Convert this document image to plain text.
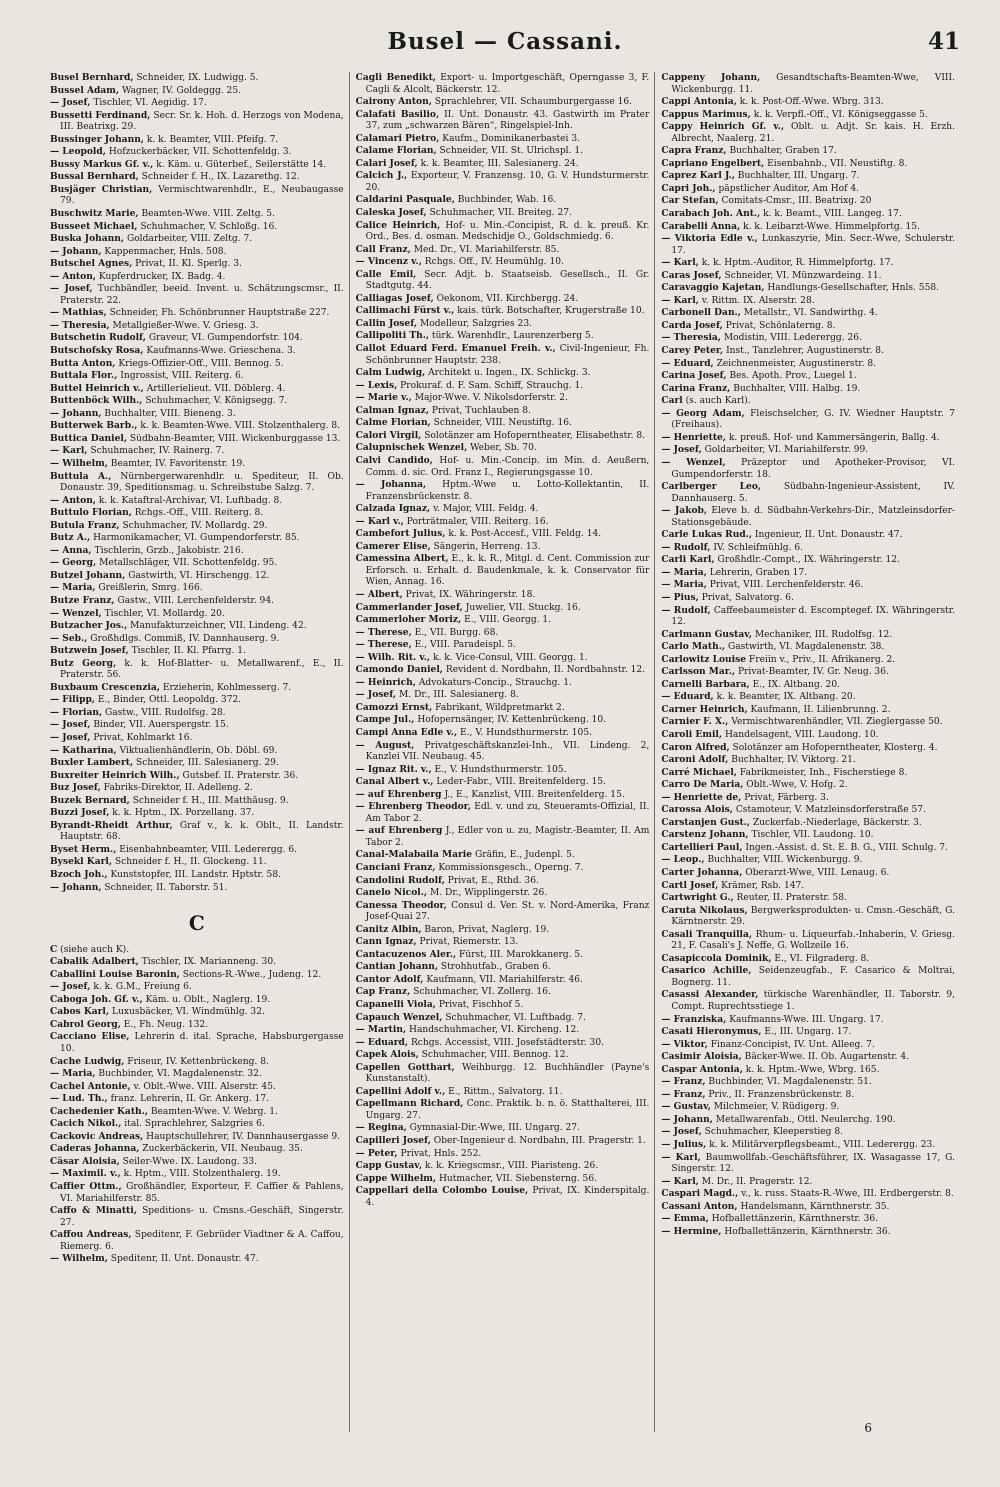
Busel — Cassani.	41

Busel Bernhard, Schneider, IX. Ludwigg. 5.

Bussel Adam, Wagner, IV. Goldeggg. 25.

— Josef, Tischler, VI. Aegidig. 17.

Bussetti Ferdinand, Secr. Sr. k. Hoh. d. Herzogs von Modena, III. Beatrixg. 29.

Bussinger Johann, k. k. Beamter, VIII. Pfeifg. 7.

— Leopold, Hofzuckerbäcker, VII. Schottenfeldg. 3.

Bussy Markus Gf. v., k. Käm. u. Güterbef., Seilerstätte 14.

Bussal Bernhard, Schneider f. H., IX. Lazarethg. 12.

Busjäger Christian, Vermischtwarenhdlr., E., Neubaugasse 79.

Buschwitz Marie, Beamten-Wwe. VIII. Zeltg. 5.

Busseet Michael, Schuhmacher, V. Schloßg. 16.

Buska Johann, Goldarbeiter, VIII. Zeltg. 7.

— Johann, Kappenmacher, Hnls. 508.

Butschel Agnes, Privat, II. Kl. Sperlg. 3.

— Anton, Kupferdrucker, IX. Badg. 4.

— Josef, Tuchbändler, beeid. Invent. u. Schätzungscmsr., II. Praterstr. 22.

— Mathias, Schneider, Fh. Schönbrunner Hauptstraße 227.

— Theresia, Metallgießer-Wwe. V. Griesg. 3.

Butschetin Rudolf, Graveur, VI. Gumpendorfstr. 104.

Butschofsky Rosa, Kaufmanns-Wwe. Grieschena. 3.

Butta Anton, Kriegs-Offizier-Off., VIII. Bennog. 5.

Buttala Flor., Ingrossist, VIII. Reiterg. 6.

Buttel Heinrich v., Artillerielieut. VII. Döblerg. 4.

Buttenböck Wilh., Schuhmacher, V. Königsegg. 7.

— Johann, Buchhalter, VIII. Bieneng. 3.

Butterwek Barb., k. k. Beamten-Wwe. VIII. Stolzenthalerg. 8.

Buttica Daniel, Südbahn-Beamter, VIII. Wickenburggasse 13.

— Karl, Schuhmacher, IV. Rainerg. 7.

— Wilhelm, Beamter, IV. Favoritenstr. 19.

Buttula A., Nürnbergerwarenhdlr. u. Spediteur, II. Ob. Donaustr. 39, Speditionsmag. u. Schreibstube Salzg. 7.

— Anton, k. k. Kataftral-Archivar, VI. Luftbadg. 8.

Buttulo Florian, Rchgs.-Off., VIII. Reiterg. 8.

Butula Franz, Schuhmacher, IV. Mollardg. 29.

Butz A., Harmonikamacher, VI. Gumpendorferstr. 85.

— Anna, Tischlerin, Grzb., Jakobistr. 216.

— Georg, Metallschläger, VII. Schottenfeldg. 95.

Butzel Johann, Gastwirth, VI. Hirschengg. 12.

— Maria, Greißlerin, Smrg. 166.

Butze Franz, Gastw., VIII. Lerchenfelderstr. 94.

— Wenzel, Tischler, VI. Mollardg. 20.

Butzacher Jos., Manufakturzeichner, VII. Lindeng. 42.

— Seb., Großhdlgs. Commiß, IV. Dannhauserg. 9.

Butzwein Josef, Tischler, II. Kl. Pfarrg. 1.

Butz Georg, k. k. Hof-Blatter- u. Metallwarenf., E., II. Praterstr. 56.

Buxbaum Crescenzia, Erzieherin, Kohlmesserg. 7.

— Filipp, E., Binder, Ottl. Leopoldg. 372.

— Florian, Gastw., VIII. Rudolfsg. 28.

— Josef, Binder, VII. Auerspergstr. 15.

— Josef, Privat, Kohlmarkt 16.

— Katharina, Viktualienhändlerin, Ob. Döbl. 69.

Buxler Lambert, Schneider, III. Salesianerg. 29.

Buxreiter Heinrich Wilh., Gutsbef. II. Praterstr. 36.

Buz Josef, Fabriks-Direktor, II. Adelleng. 2.

Buzek Bernard, Schneider f. H., III. Matthäusg. 9.

Buzzi Josef, k. k. Hptm., IX. Porzellang. 37.

Byrandt-Rheidt Arthur, Graf v., k. k. Oblt., II. Landstr. Hauptstr. 68.

Byset Herm., Eisenbahnbeamter, VIII. Lederergg. 6.

Bysekl Karl, Schneider f. H., II. Glockeng. 11.

Bzoch Joh., Kunststopfer, III. Landstr. Hptstr. 58.

— Johann, Schneider, II. Taborstr. 51.

C

C (siehe auch K).

Cabalik Adalbert, Tischler, IX. Marianneng. 30.

Caballini Louise Baronin, Sections-R.-Wwe., Judeng. 12.

— Josef, k. k. G.M., Freiung 6.

Caboga Joh. Gf. v., Käm. u. Oblt., Naglerg. 19.

Cabos Karl, Luxusbäcker, VI. Windmühlg. 32.

Cabrol Georg, E., Fh. Neug. 132.

Cacciano Elise, Lehrerin d. ital. Sprache, Habsburgergasse 10.

Cache Ludwig, Friseur, IV. Kettenbrückeng. 8.

— Maria, Buchbinder, VI. Magdalenenstr. 32.

Cachel Antonie, v. Oblt.-Wwe. VIII. Alserstr. 45.

— Lud. Th., franz. Lehrerin, II. Gr. Ankerg. 17.

Cachedenier Kath., Beamten-Wwe. V. Webrg. 1.

Cacich Nikol., ital. Sprachlehrer, Salzgries 6.

Cackovic Andreas, Hauptschullehrer, IV. Dannhausergasse 9.

Caderas Johanna, Zuckerbäckerin, VII. Neubaug. 35.

Cäsar Aloisia, Seiler-Wwe. IX. Laudong. 33.

— Maximil. v., k. Hptm., VIII. Stolzenthalerg. 19.

Caffier Ottm., Großhändler, Exporteur, F. Caffier & Pahlens, VI. Mariahilferstr. 85.

Caffo & Minatti, Speditions- u. Cmsns.-Geschäft, Singerstr. 27.

Caffou Andreas, Speditenr, F. Gebrüder Viadtner & A. Caffou, Riemerg. 6.

— Wilhelm, Speditenr, II. Unt. Donaustr. 47.

Cagli Benedikt, Export- u. Importgeschäft, Operngasse 3, F. Cagli & Alcolt, Bäckerstr. 12.

Cairony Anton, Sprachlehrer, VII. Schaumburgergasse 16.

Calafati Basilio, II. Unt. Donaustr. 43. Gastwirth im Prater 37, zum „schwarzen Bären“, Ringelspiel-Inh.

Calamari Pietro, Kaufm., Dominikanerbastei 3.

Calame Florian, Schneider, VII. St. Ulrichspl. 1.

Calari Josef, k. k. Beamter, III. Salesianerg. 24.

Calcich J., Exporteur, V. Franzensg. 10, G. V. Hundsturmerstr. 20.

Caldarini Pasquale, Buchbinder, Wab. 16.

Caleska Josef, Schuhmacher, VII. Breiteg. 27.

Calice Heinrich, Hof- u. Min.-Concipist, R. d. k. preuß. Kr. Ord., Bes. d. osman. Medschidje O., Goldschmiedg. 6.

Call Franz, Med. Dr., VI. Mariahilferstr. 85.

— Vincenz v., Rchgs. Off., IV. Heumühlg. 10.

Calle Emil, Secr. Adjt. b. Staatseisb. Gesellsch., II. Gr. Stadtgutg. 44.

Calliagas Josef, Oekonom, VII. Kirchbergg. 24.

Callimachi Fürst v., kais. türk. Botschafter, Krugerstraße 10.

Callin Josef, Modelleur, Salzgries 23.

Callipoliti Th., türk. Warenhdlr., Laurenzerberg 5.

Callot Eduard Ferd. Emanuel Freih. v., Civil-Ingenieur, Fh. Schönbrunner Hauptstr. 238.

Calm Ludwig, Architekt u. Ingen., IX. Schlickg. 3.

— Lexis, Prokuraf. d. F. Sam. Schiff, Strauchg. 1.

— Marie v., Major-Wwe. V. Nikolsdorferstr. 2.

Calman Ignaz, Privat, Tuchlauben 8.

Calme Florian, Schneider, VIII. Neustiftg. 16.

Calori Virgil, Solotänzer am Hofoperntheater, Elisabethstr. 8.

Calupnischek Wenzel, Weber, Sb. 70.

Calvi Candido, Hof- u. Min.-Concip. im Min. d. Aeußern, Comm. d. sic. Ord. Franz I., Regierungsgasse 10.

— Johanna, Hptm.-Wwe u. Lotto-Kollektantin, II. Franzensbrückenstr. 8.

Calzada Ignaz, v. Major, VIII. Feldg. 4.

— Karl v., Porträtmaler, VIII. Reiterg. 16.

Cambefort Julius, k. k. Post-Accesf., VIII. Feldg. 14.

Camerer Elise, Sängerin, Herreng. 13.

Camessina Albert, E., k. k. R., Mitgl. d. Cent. Commission zur Erforsch. u. Erhalt. d. Baudenkmale, k. k. Conservator für Wien, Annag. 16.

— Albert, Privat, IX. Währingerstr. 18.

Cammerlander Josef, Juwelier, VII. Stuckg. 16.

Cammerloher Moriz, E., VIII. Georgg. 1.

— Therese, E., VII. Burgg. 68.

— Therese, E., VIII. Paradeispl. 5.

— Wilh. Rit. v., k. k. Vice-Consul, VIII. Georgg. 1.

Camondo Daniel, Revident d. Nordbahn, II. Nordbahnstr. 12.

— Heinrich, Advokaturs-Concip., Strauchg. 1.

— Josef, M. Dr., III. Salesianerg. 8.

Camozzi Ernst, Fabrikant, Wildpretmarkt 2.

Campe Jul., Hofopernsänger, IV. Kettenbrückeng. 10.

Campi Anna Edle v., E., V. Hundsthurmerstr. 105.

— August, Privatgeschäftskanzlei-Inh., VII. Lindeng. 2, Kanzlei VII. Neubaug. 45.

— Ignaz Rit. v., E., V. Hundsthurmerstr. 105.

Canal Albert v., Leder-Fabr., VIII. Breitenfelderg. 15.

— auf Ehrenberg J., E., Kanzlist, VIII. Breitenfelderg. 15.

— Ehrenberg Theodor, Edl. v. und zu, Steueramts-Offizial, II. Am Tabor 2.

— auf Ehrenberg J., Edler von u. zu, Magistr.-Beamter, II. Am Tabor 2.

Canal-Malabaila Marie Gräfin, E., Judenpl. 5.

Canciani Franz, Kommissionsgesch., Operng. 7.

Candolini Rudolf, Privat, E., Rthd. 36.

Canelo Nicol., M. Dr., Wipplingerstr. 26.

Canessa Theodor, Consul d. Ver. St. v. Nord-Amerika, Franz Josef-Quai 27.

Canitz Albin, Baron, Privat, Naglerg. 19.

Cann Ignaz, Privat, Riemerstr. 13.

Cantacuzenos Aler., Fürst, III. Marokkanerg. 5.

Cantian Johann, Strohhutfab., Graben 6.

Cantor Adolf, Kaufmann, VII. Mariahilferstr. 46.

Cap Franz, Schuhmacher, VI. Zollerg. 16.

Capanelli Viola, Privat, Fischhof 5.

Capauch Wenzel, Schuhmacher, VI. Luftbadg. 7.

— Martin, Handschuhmacher, VI. Kircheng. 12.

— Eduard, Rchgs. Accessist, VIII. Josefstädterstr. 30.

Capek Alois, Schuhmacher, VIII. Bennog. 12.

Capellen Gotthart, Weihburgg. 12. Buchhändler (Payne's Kunstanstalt).

Capellini Adolf v., E., Rittm., Salvatorg. 11.

Capellmann Richard, Conc. Praktik. b. n. ö. Statthalterei, III. Ungarg. 27.

— Regina, Gymnasial-Dir.-Wwe, III. Ungarg. 27.

Capilleri Josef, Ober-Ingenieur d. Nordbahn, III. Pragerstr. 1.

— Peter, Privat, Hnls. 252.

Capp Gustav, k. k. Kriegscmsr., VIII. Piaristeng. 26.

Cappe Wilhelm, Hutmacher, VII. Siebensterng. 56.

Cappellari della Colombo Louise, Privat, IX. Kinderspitalg. 4.

Cappeny Johann, Gesandtschafts-Beamten-Wwe, VIII. Wickenburgg. 11.

Cappi Antonia, k. k. Post-Off.-Wwe. Wbrg. 313.

Cappus Marimus, k. k. Verpfl.-Off., VI. Königseggasse 5.

Cappy Heinrich Gf. v., Oblt. u. Adjt. Sr. kais. H. Erzh. Albrecht, Naalerg. 21.

Capra Franz, Buchhalter, Graben 17.

Capriano Engelbert, Eisenbahnb., VII. Neustiftg. 8.

Caprez Karl J., Buchhalter, III. Ungarg. 7.

Capri Joh., päpstlicher Auditor, Am Hof 4.

Car Stefan, Comitats-Cmsr., III. Beatrixg. 20

Carabach Joh. Ant., k. k. Beamt., VIII. Langeg. 17.

Carabelli Anna, k. k. Leibarzt-Wwe. Himmelpfortg. 15.

— Viktoria Edle v., Lunkaszyrie, Min. Secr.-Wwe, Schulerstr. 17.

— Karl, k. k. Hptm.-Auditor, R. Himmelpfortg. 17.

Caras Josef, Schneider, VI. Münzwardeing. 11.

Caravaggio Kajetan, Handlungs-Gesellschafter, Hnls. 558.

— Karl, v. Rittm. IX. Alserstr. 28.

Carbonell Dan., Metallstr., VI. Sandwirthg. 4.

Carda Josef, Privat, Schönlaterng. 8.

— Theresia, Modistin, VIII. Lederergg. 26.

Carey Peter, Inst., Tanzlehrer, Augustinerstr. 8.

— Eduard, Zeichnenmeister, Augustinerstr. 8.

Carina Josef, Bes. Apoth. Prov., Luegel 1.

Carina Franz, Buchhalter, VIII. Halbg. 19.

Carl (s. auch Karl).

— Georg Adam, Fleischselcher, G. IV. Wiedner Hauptstr. 7 (Freihaus).

— Henriette, k. preuß. Hof- und Kammersängerin, Ballg. 4.

— Josef, Goldarbeiter, VI. Mariahilferstr. 99.

— Wenzel, Präzeptor und Apotheker-Provisor, VI. Gumpendorferstr. 18.

Carlberger Leo, Südbahn-Ingenieur-Assistent, IV. Dannhauserg. 5.

— Jakob, Eleve b. d. Südbahn-Verkehrs-Dir., Matzleinsdorfer-Stationsgebäude.

Carle Lukas Rud., Ingenieur, II. Unt. Donaustr. 47.

— Rudolf, IV. Schleifmühlg. 6.

Carli Karl, Großhdlr.-Compt., IX. Währingerstr. 12.

— Maria, Lehrerin, Graben 17.

— Maria, Privat, VIII. Lerchenfelderstr. 46.

— Pius, Privat, Salvatorg. 6.

— Rudolf, Caffeebaumeister d. Escomptegef. IX. Währingerstr. 12.

Carlmann Gustav, Mechaniker, III. Rudolfsg. 12.

Carlo Math., Gastwirth, VI. Magdalenenstr. 38.

Carlowitz Louise Freiin v., Priv., II. Afrikanerg. 2.

Carlsson Mar., Privat-Beamter, IV. Gr. Neug. 36.

Carnelli Barbara, E., IX. Altbang. 20.

— Eduard, k. k. Beamter, IX. Altbang. 20.

Carner Heinrich, Kaufmann, II. Lilienbrunng. 2.

Carnier F. X., Vermischtwarenhändler, VII. Zieglergasse 50.

Caroli Emil, Handelsagent, VIII. Laudong. 10.

Caron Alfred, Solotänzer am Hofoperntheater, Klosterg. 4.

Caroni Adolf, Buchhalter, IV. Viktorg. 21.

Carré Michael, Fabrikmeister, Inh., Fischerstiege 8.

Carro De Maria, Oblt.-Wwe, V. Hofg. 2.

— Henriette de, Privat, Färberg. 3.

Carossa Alois, Cstamoteur, V. Matzleinsdorferstraße 57.

Carstanjen Gust., Zuckerfab.-Niederlage, Bäckerstr. 3.

Carstenz Johann, Tischler, VII. Laudong. 10.

Cartellieri Paul, Ingen.-Assist. d. St. E. B. G., VIII. Schulg. 7.

— Leop., Buchhalter, VIII. Wickenburgg. 9.

Carter Johanna, Oberarzt-Wwe, VIII. Lenaug. 6.

Cartl Josef, Krämer, Rsb. 147.

Cartwright G., Reuter, II. Praterstr. 58.

Caruta Nikolaus, Bergwerksprodukten- u. Cmsn.-Geschäft, G. Kärntnerstr. 29.

Casali Tranquilla, Rhum- u. Liqueurfab.-Inhaberin, V. Griesg. 21, F. Casali's J. Neffe, G. Wollzeile 16.

Casapiccola Dominik, E., VI. Filgraderg. 8.

Casarico Achille, Seidenzeugfab., F. Casarico & Moltrai, Bognerg. 11.

Casassi Alexander, türkische Warenhändler, II. Taborstr. 9, Compt. Ruprechtsstiege 1.

— Franziska, Kaufmanns-Wwe. III. Ungarg. 17.

Casati Hieronymus, E., III. Ungarg. 17.

— Viktor, Finanz-Concipist, IV. Unt. Alleeg. 7.

Casimir Aloisia, Bäcker-Wwe. II. Ob. Augartenstr. 4.

Caspar Antonia, k. k. Hptm.-Wwe, Wbrg. 165.

— Franz, Buchbinder, VI. Magdalenenstr. 51.

— Franz, Priv., II. Franzensbrückenstr. 8.

— Gustav, Milchmeier, V. Rüdigerg. 9.

— Johann, Metallwarenfab., Ottl. Neulerchg. 190.

— Josef, Schuhmacher, Kleeperstieg 8.

— Julius, k. k. Militärverpflegsbeamt., VIII. Lederergg. 23.

— Karl, Baumwollfab.-Geschäftsführer, IX. Wasagasse 17, G. Singerstr. 12.

— Karl, M. Dr., II. Pragerstr. 12.

Caspari Magd., v., k. russ. Staats-R.-Wwe, III. Erdbergerstr. 8.

Cassani Anton, Handelsmann, Kärnthnerstr. 35.

— Emma, Hofballettänzerin, Kärnthnerstr. 36.

— Hermine, Hofballettänzerin, Kärnthnerstr. 36.

6
